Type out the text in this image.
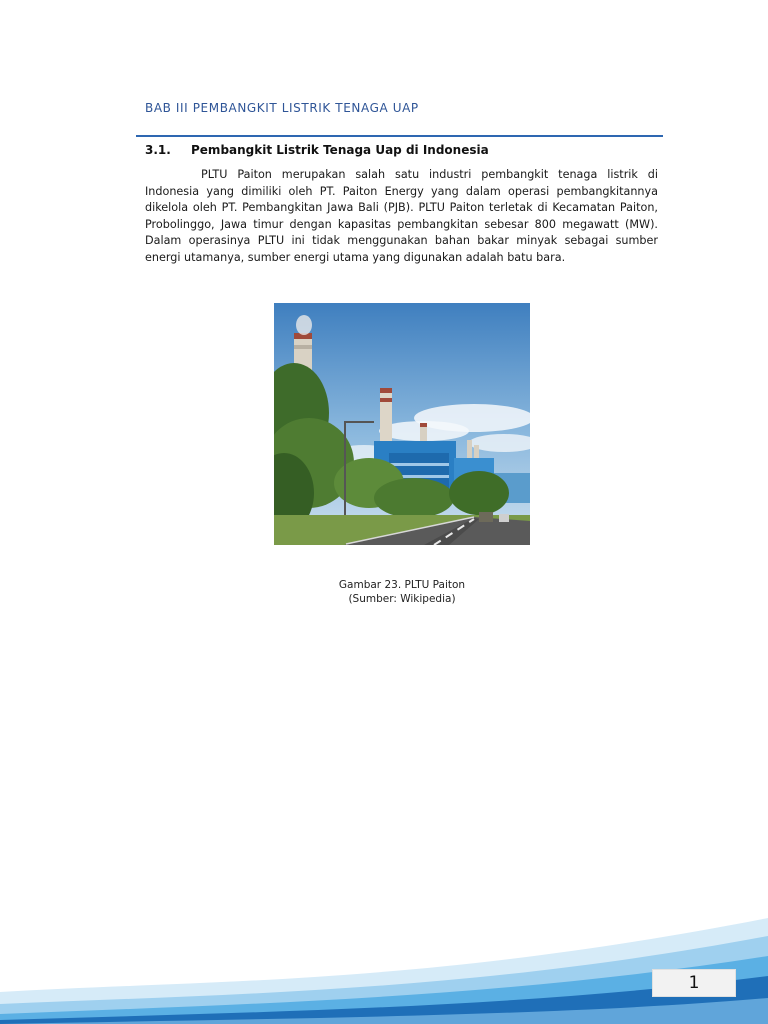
BAB III PEMBANGKIT LISTRIK TENAGA UAP
3.1.	Pembangkit Listrik Tenaga Uap di Indonesia

PLTU Paiton merupakan salah satu industri pembangkit tenaga listrik di Indonesia yang dimiliki oleh PT. Paiton Energy yang dalam operasi pembangkitannya dikelola oleh PT. Pembangkitan Jawa Bali (PJB). PLTU Paiton terletak di Kecamatan Paiton, Probolinggo, Jawa timur dengan kapasitas pembangkitan sebesar 800 megawatt (MW). Dalam operasinya PLTU ini tidak menggunakan bahan bakar minyak sebagai sumber energi utamanya, sumber energi utama yang digunakan adalah batu bara.

Gambar 23. PLTU Paiton
(Sumber: Wikipedia)
1
